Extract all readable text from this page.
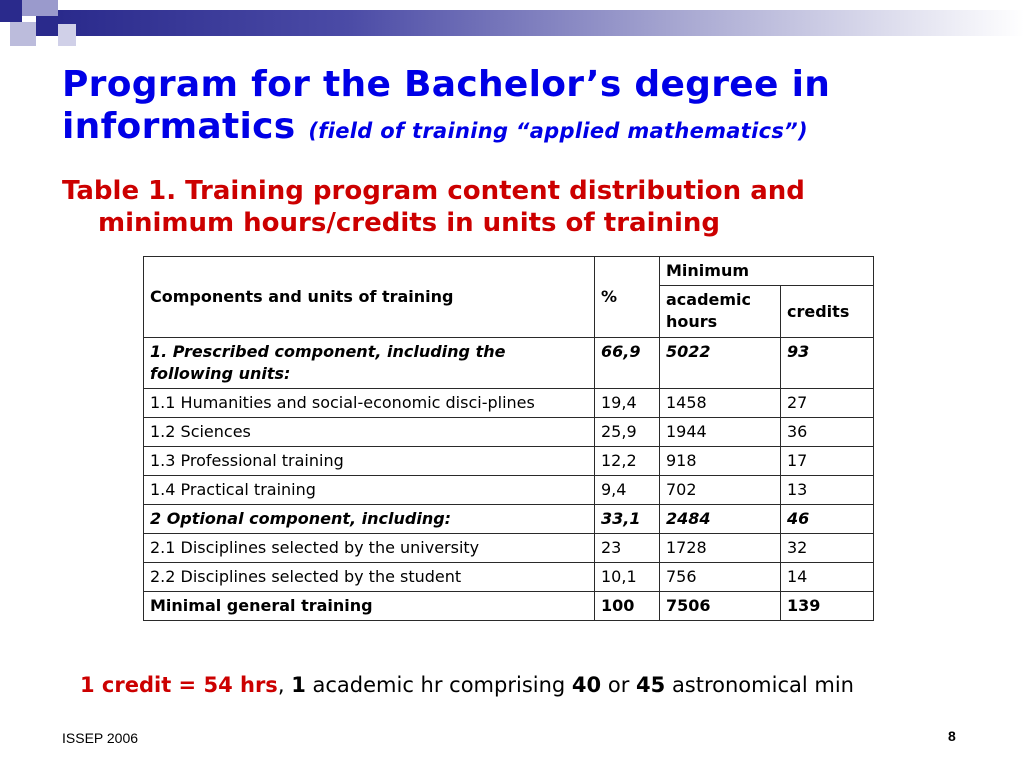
Program for the Bachelor’s degree in
informatics (field of training “applied mathematics”)
Table 1. Training program content distribution and
minimum hours/credits in units of training
Components and units of training	%	Minimum	
		academic hours	credits
1. Prescribed component, including the following units:	66,9	5022	93
1.1 Humanities and social-economic disci-plines	19,4	1458	27
1.2 Sciences	25,9	1944	36
1.3 Professional training	12,2	918	17
1.4 Practical training	9,4	702	13
2 Optional component, including:	33,1	2484	46
2.1 Disciplines selected by the university	23	1728	32
2.2 Disciplines selected by the student	10,1	756	14
Minimal general training	100	7506	139
1 credit = 54 hrs, 1 academic hr comprising 40 or 45 astronomical min
ISSEP 2006	8
